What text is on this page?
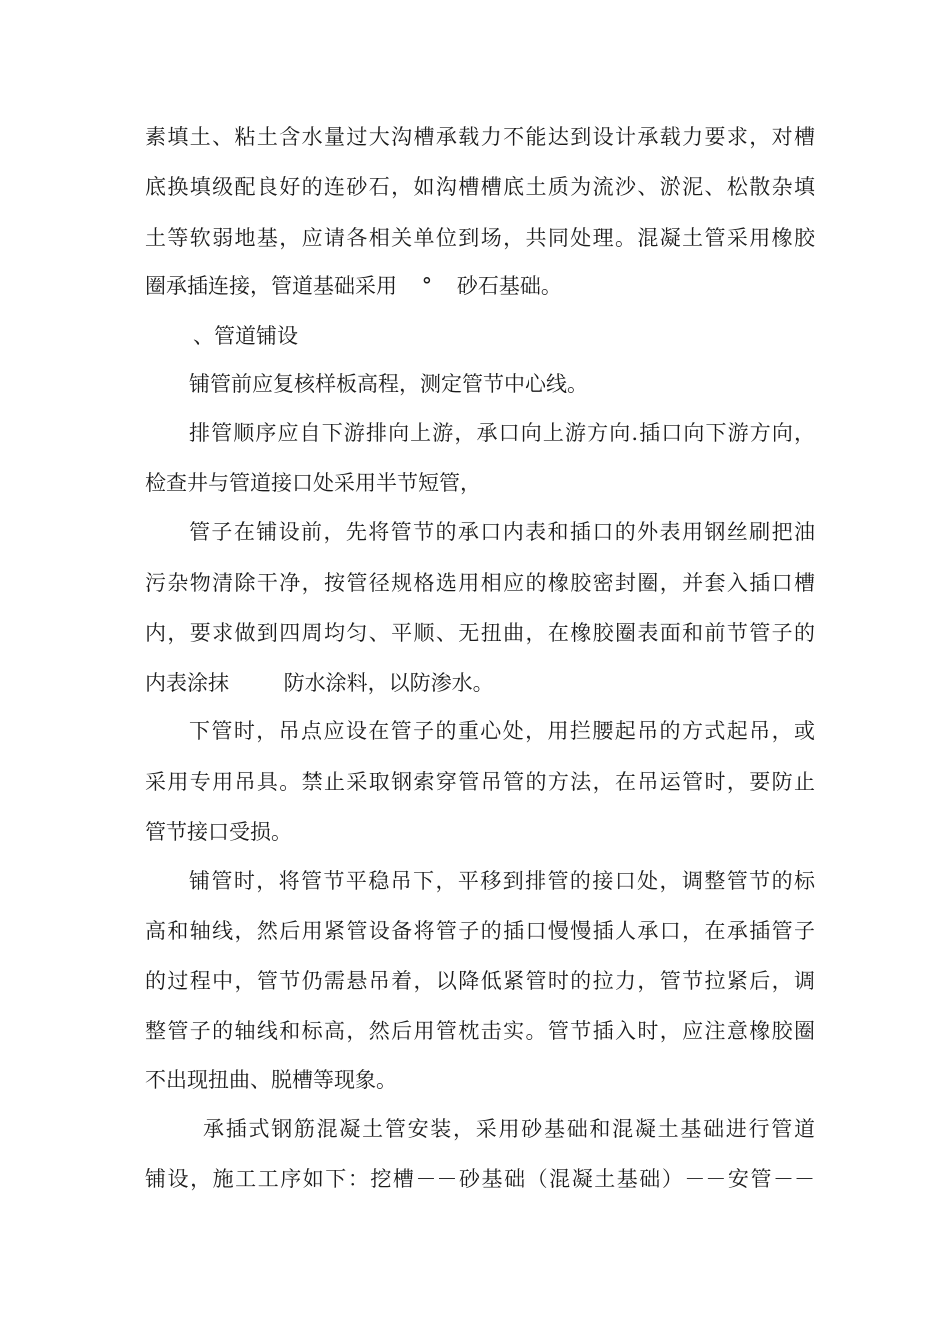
素填土、粘土含水量过大沟槽承载力不能达到设计承载力要求，对槽
底换填级配良好的连砂石，如沟槽槽底土质为流沙、淤泥、松散杂填
土等软弱地基，应请各相关单位到场，共同处理。混凝土管采用橡胶
圈承插连接，管道基础采用 ° 砂石基础。
、管道铺设
铺管前应复核样板高程，测定管节中心线。
排管顺序应自下游排向上游，承口向上游方向.插口向下游方向，
检查井与管道接口处采用半节短管，
管子在铺设前，先将管节的承口内表和插口的外表用钢丝刷把油
污杂物清除干净，按管径规格选用相应的橡胶密封圈，并套入插口槽
内，要求做到四周均匀、平顺、无扭曲，在橡胶圈表面和前节管子的
内表涂抹 防水涂料，以防渗水。
下管时，吊点应设在管子的重心处，用拦腰起吊的方式起吊，或
采用专用吊具。禁止采取钢索穿管吊管的方法，在吊运管时，要防止
管节接口受损。
铺管时，将管节平稳吊下，平移到排管的接口处，调整管节的标
高和轴线，然后用紧管设备将管子的插口慢慢插人承口，在承插管子
的过程中，管节仍需悬吊着，以降低紧管时的拉力，管节拉紧后，调
整管子的轴线和标高，然后用管枕击实。管节插入时，应注意橡胶圈
不出现扭曲、脱槽等现象。
承插式钢筋混凝土管安装，采用砂基础和混凝土基础进行管道
铺设，施工工序如下：挖槽－－砂基础（混凝土基础）－－安管－－
